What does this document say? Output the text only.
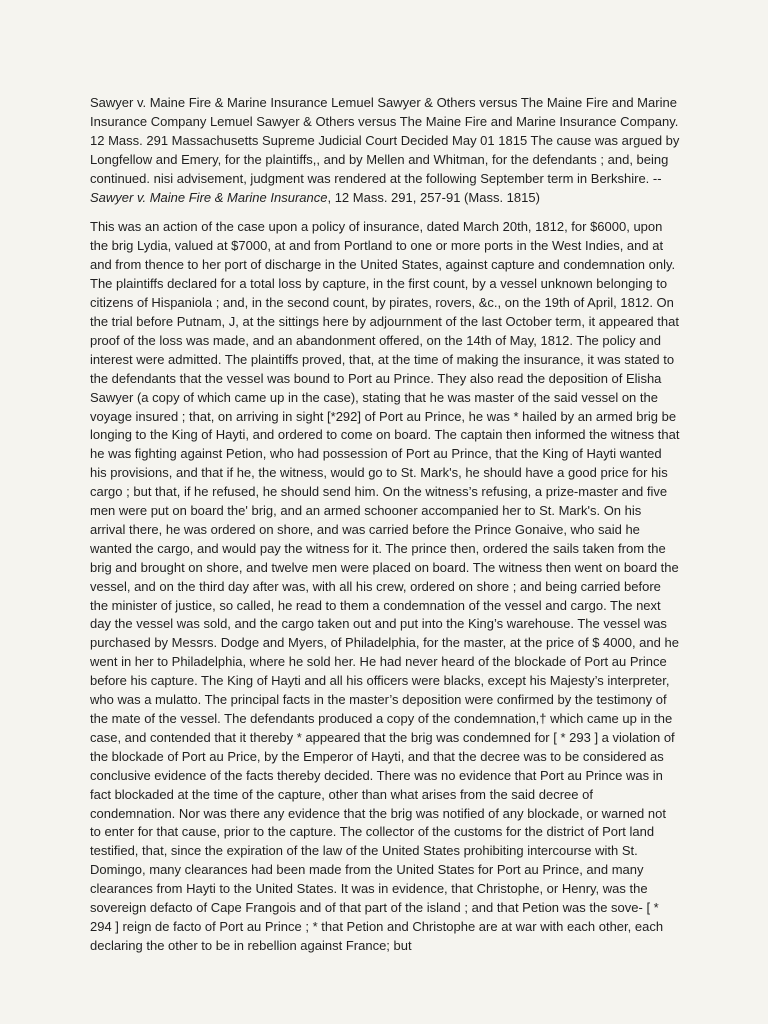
Sawyer v. Maine Fire & Marine Insurance Lemuel Sawyer & Others versus The Maine Fire and Marine Insurance Company Lemuel Sawyer & Others versus The Maine Fire and Marine Insurance Company. 12 Mass. 291 Massachusetts Supreme Judicial Court Decided May 01 1815 The cause was argued by Longfellow and Emery, for the plaintiffs,, and by Mellen and Whitman, for the defendants ; and, being continued. nisi advisement, judgment was rendered at the following September term in Berkshire. -- Sawyer v. Maine Fire & Marine Insurance, 12 Mass. 291, 257-91 (Mass. 1815)

This was an action of the case upon a policy of insurance, dated March 20th, 1812, for $6000, upon the brig Lydia, valued at $7000, at and from Portland to one or more ports in the West Indies, and at and from thence to her port of discharge in the United States, against capture and condemnation only. The plaintiffs declared for a total loss by capture, in the first count, by a vessel unknown belonging to citizens of Hispaniola ; and, in the second count, by pirates, rovers, &c., on the 19th of April, 1812. On the trial before Putnam, J, at the sittings here by adjournment of the last October term, it appeared that proof of the loss was made, and an abandonment offered, on the 14th of May, 1812. The policy and interest were admitted. The plaintiffs proved, that, at the time of making the insurance, it was stated to the defendants that the vessel was bound to Port au Prince. They also read the deposition of Elisha Sawyer (a copy of which came up in the case), stating that he was master of the said vessel on the voyage insured ; that, on arriving in sight [*292] of Port au Prince, he was * hailed by an armed brig be longing to the King of Hayti, and ordered to come on board. The captain then informed the witness that he was fighting against Petion, who had possession of Port au Prince, that the King of Hayti wanted his provisions, and that if he, the witness, would go to St. Mark's, he should have a good price for his cargo ; but that, if he refused, he should send him. On the witness’s refusing, a prize-master and five men were put on board the' brig, and an armed schooner accompanied her to St. Mark's. On his arrival there, he was ordered on shore, and was carried before the Prince Gonaive, who said he wanted the cargo, and would pay the witness for it. The prince then, ordered the sails taken from the brig and brought on shore, and twelve men were placed on board. The witness then went on board the vessel, and on the third day after was, with all his crew, ordered on shore ; and being carried before the minister of justice, so called, he read to them a condemnation of the vessel and cargo. The next day the vessel was sold, and the cargo taken out and put into the King’s warehouse. The vessel was purchased by Messrs. Dodge and Myers, of Philadelphia, for the master, at the price of $ 4000, and he went in her to Philadelphia, where he sold her. He had never heard of the blockade of Port au Prince before his capture. The King of Hayti and all his officers were blacks, except his Majesty’s interpreter, who was a mulatto. The principal facts in the master’s deposition were confirmed by the testimony of the mate of the vessel. The defendants produced a copy of the condemnation,† which came up in the case, and contended that it thereby * appeared that the brig was condemned for [ * 293 ] a violation of the blockade of Port au Price, by the Emperor of Hayti, and that the decree was to be considered as conclusive evidence of the facts thereby decided. There was no evidence that Port au Prince was in fact blockaded at the time of the capture, other than what arises from the said decree of condemnation. Nor was there any evidence that the brig was notified of any blockade, or warned not to enter for that cause, prior to the capture. The collector of the customs for the district of Port land testified, that, since the expiration of the law of the United States prohibiting intercourse with St. Domingo, many clearances had been made from the United States for Port au Prince, and many clearances from Hayti to the United States. It was in evidence, that Christophe, or Henry, was the sovereign defacto of Cape Frangois and of that part of the island ; and that Petion was the sove- [ * 294 ] reign de facto of Port au Prince ; * that Petion and Christophe are at war with each other, each declaring the other to be in rebellion against France; but
